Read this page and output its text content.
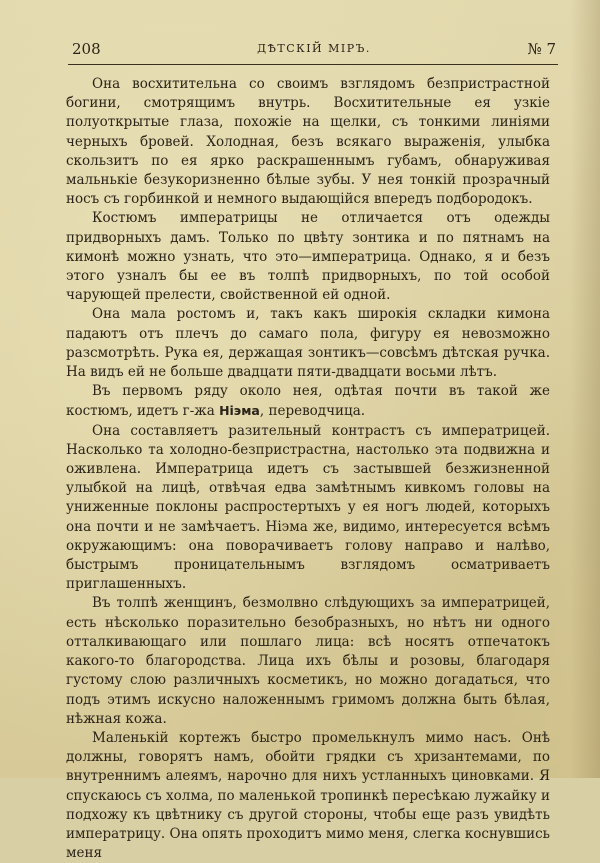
208	ДѢТСКІЙ МІРЪ.	№ 7

Она восхитительна со своимъ взглядомъ безпристрастной богини, смотрящимъ внутрь. Восхитительные ея узкіе полуоткрытые глаза, похожіе на щелки, съ тонкими линіями черныхъ бровей. Холодная, безъ всякаго выраженія, улыбка скользитъ по ея ярко раскрашеннымъ губамъ, обнаруживая мальнькіе безукоризненно бѣлые зубы. У нея тонкій прозрачный носъ съ горбинкой и немного выдающійся впередъ подбородокъ.

Костюмъ императрицы не отличается отъ одежды придворныхъ дамъ. Только по цвѣту зонтика и по пятнамъ на кимонѣ можно узнать, что это—императрица. Однако, я и безъ этого узналъ бы ее въ толпѣ придворныхъ, по той особой чарующей прелести, свойственной ей одной.

Она мала ростомъ и, такъ какъ широкія складки кимона падаютъ отъ плечъ до самаго пола, фигуру ея невозможно разсмотрѣть. Рука ея, держащая зонтикъ—совсѣмъ дѣтская ручка. На видъ ей не больше двадцати пяти-двадцати восьми лѣтъ.

Въ первомъ ряду около нея, одѣтая почти въ такой же костюмъ, идетъ г-жа Ніэма, переводчица.

Она составляетъ разительный контрастъ съ императрицей. Насколько та холодно-безпристрастна, настолько эта подвижна и оживлена. Императрица идетъ съ застывшей безжизненной улыбкой на лицѣ, отвѣчая едва замѣтнымъ кивкомъ головы на униженные поклоны распростертыхъ у ея ногъ людей, которыхъ она почти и не замѣчаетъ. Ніэма же, видимо, интересуется всѣмъ окружающимъ: она поворачиваетъ голову направо и налѣво, быстрымъ проницательнымъ взглядомъ осматриваетъ приглашенныхъ.

Въ толпѣ женщинъ, безмолвно слѣдующихъ за императрицей, есть нѣсколько поразительно безобразныхъ, но нѣтъ ни одного отталкивающаго или пошлаго лица: всѣ носятъ отпечатокъ какого-то благородства. Лица ихъ бѣлы и розовы, благодаря густому слою различныхъ косметикъ, но можно догадаться, что подъ этимъ искусно наложеннымъ гримомъ должна быть бѣлая, нѣжная кожа.

Маленькій кортежъ быстро промелькнулъ мимо насъ. Онѣ должны, говорятъ намъ, обойти грядки съ хризантемами, по внутреннимъ алеямъ, нарочно для нихъ устланныхъ циновками. Я спускаюсь съ холма, по маленькой тропинкѣ пересѣкаю лужайку и подхожу къ цвѣтнику съ другой стороны, чтобы еще разъ увидѣть императрицу. Она опять проходитъ мимо меня, слегка коснувшись меня
